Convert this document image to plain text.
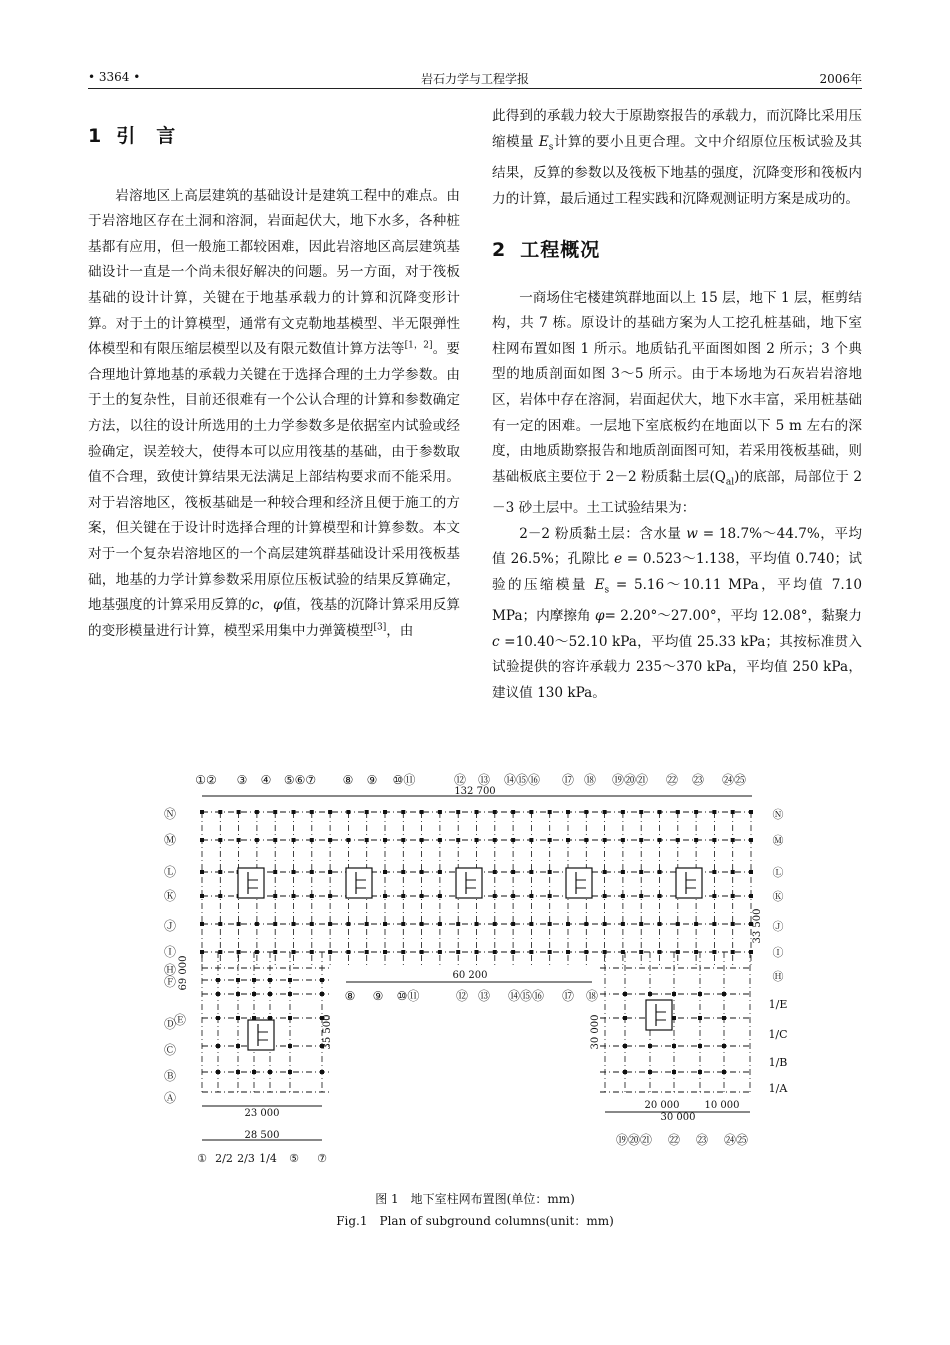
• 3364 •	岩石力学与工程学报	2006年
1 引　言

岩溶地区上高层建筑的基础设计是建筑工程中的难点。由于岩溶地区存在土洞和溶洞，岩面起伏大，地下水多，各种桩基都有应用，但一般施工都较困难，因此岩溶地区高层建筑基础设计一直是一个尚未很好解决的问题。另一方面，对于筏板基础的设计计算，关键在于地基承载力的计算和沉降变形计算。对于土的计算模型，通常有文克勒地基模型、半无限弹性体模型和有限压缩层模型以及有限元数值计算方法等[1，2]。要合理地计算地基的承载力关键在于选择合理的土力学参数。由于土的复杂性，目前还很难有一个公认合理的计算和参数确定方法，以往的设计所选用的土力学参数多是依据室内试验或经验确定，误差较大，使得本可以应用筏基的基础，由于参数取值不合理，致使计算结果无法满足上部结构要求而不能采用。对于岩溶地区，筏板基础是一种较合理和经济且便于施工的方案，但关键在于设计时选择合理的计算模型和计算参数。本文对于一个复杂岩溶地区的一个高层建筑群基础设计采用筏板基础，地基的力学计算参数采用原位压板试验的结果反算确定，地基强度的计算采用反算的c，φ值，筏基的沉降计算采用反算的变形模量进行计算，模型采用集中力弹簧模型[3]，由

此得到的承载力较大于原勘察报告的承载力，而沉降比采用压缩模量 $E_s$计算的要小且更合理。文中介绍原位压板试验及其结果，反算的参数以及筏板下地基的强度，沉降变形和筏板内力的计算，最后通过工程实践和沉降观测证明方案是成功的。

2 工程概况

一商场住宅楼建筑群地面以上 15 层，地下 1 层，框剪结构，共 7 栋。原设计的基础方案为人工挖孔桩基础，地下室柱网布置如图 1 所示。地质钻孔平面图如图 2 所示；3 个典型的地质剖面如图 3～5 所示。由于本场地为石灰岩岩溶地区，岩体中存在溶洞，岩面起伏大，地下水丰富，采用桩基础有一定的困难。一层地下室底板约在地面以下 5 m 左右的深度，由地质勘察报告和地质剖面图可知，若采用筏板基础，则基础板底主要位于 2－2 粉质黏土层$(Q_{al})$的底部，局部位于 2－3 砂土层中。土工试验结果为：

2－2 粉质黏土层：含水量 w = 18.7%～44.7%，平均值 26.5%；孔隙比 e = 0.523～1.138，平均值 0.740；试验的压缩模量 $E_s$ = 5.16～10.11 MPa，平均值 7.10 MPa；内摩擦角 φ= 2.20°～27.00°，平均 12.08°，黏聚力 c =10.40～52.10 kPa，平均值 25.33 kPa；其按标准贯入试验提供的容许承载力 235～370 kPa，平均值 250 kPa，建议值 130 kPa。

①② ③ ④ ⑤⑥⑦ ⑧ ⑨ ⑩⑪	⑫ ⑬ ⑭⑮⑯ ⑰ ⑱ ⑲⑳㉑ ㉒ ㉓ ㉔㉕
132 700
60 200
⑧ ⑨ ⑩⑪	⑫ ⑬ ⑭⑮⑯ ⑰ ⑱
Ⓝ
Ⓜ
Ⓛ
Ⓚ
Ⓙ
Ⓘ
Ⓗ
Ⓕ
Ⓓ
Ⓔ
Ⓒ
Ⓑ
Ⓐ
69 000
35 500
Ⓝ
Ⓜ
Ⓛ
Ⓚ
Ⓙ
Ⓘ
Ⓗ
1/E
1/C
1/B
1/A
33 500
30 000
23 000
28 500
① 2/2 2/3 1/4 ⑤ ⑦
20 000	10 000
30 000
⑲⑳㉑ ㉒ ㉓ ㉔㉕
图 1　地下室柱网布置图(单位：mm)
Fig.1　Plan of subground columns(unit：mm)
